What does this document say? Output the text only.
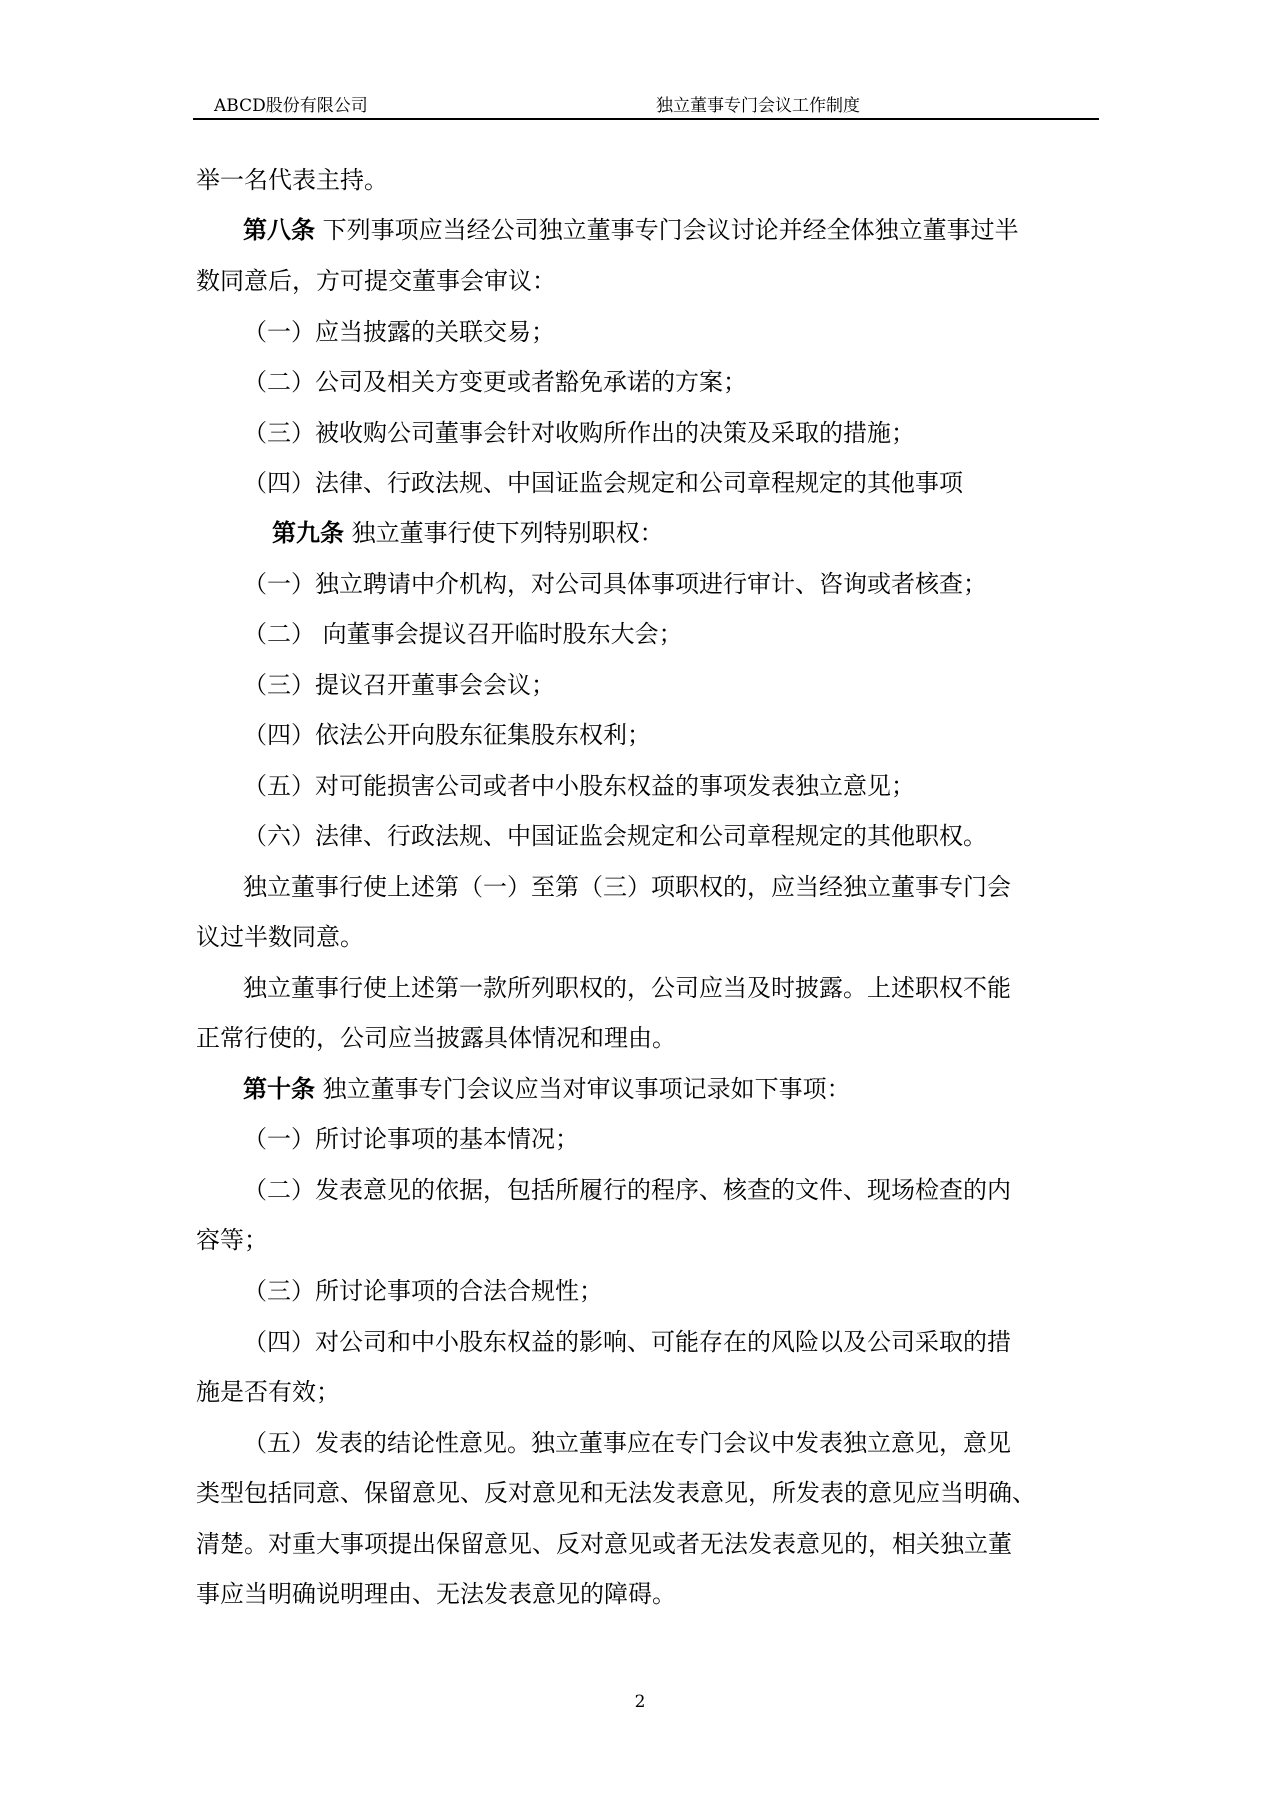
ABCD股份有限公司	独立董事专门会议工作制度
举一名代表主持。
第八条 下列事项应当经公司独立董事专门会议讨论并经全体独立董事过半
数同意后，方可提交董事会审议：
（一）应当披露的关联交易；
（二）公司及相关方变更或者豁免承诺的方案；
（三）被收购公司董事会针对收购所作出的决策及采取的措施；
（四）法律、行政法规、中国证监会规定和公司章程规定的其他事项
第九条 独立董事行使下列特别职权：
（一）独立聘请中介机构，对公司具体事项进行审计、咨询或者核查；
（二） 向董事会提议召开临时股东大会；
（三）提议召开董事会会议；
（四）依法公开向股东征集股东权利；
（五）对可能损害公司或者中小股东权益的事项发表独立意见；
（六）法律、行政法规、中国证监会规定和公司章程规定的其他职权。
独立董事行使上述第（一）至第（三）项职权的，应当经独立董事专门会
议过半数同意。
独立董事行使上述第一款所列职权的，公司应当及时披露。上述职权不能
正常行使的，公司应当披露具体情况和理由。
第十条 独立董事专门会议应当对审议事项记录如下事项：
（一）所讨论事项的基本情况；
（二）发表意见的依据，包括所履行的程序、核查的文件、现场检查的内
容等；
（三）所讨论事项的合法合规性；
（四）对公司和中小股东权益的影响、可能存在的风险以及公司采取的措
施是否有效；
（五）发表的结论性意见。独立董事应在专门会议中发表独立意见，意见
类型包括同意、保留意见、反对意见和无法发表意见，所发表的意见应当明确、
清楚。对重大事项提出保留意见、反对意见或者无法发表意见的，相关独立董
事应当明确说明理由、无法发表意见的障碍。
2
